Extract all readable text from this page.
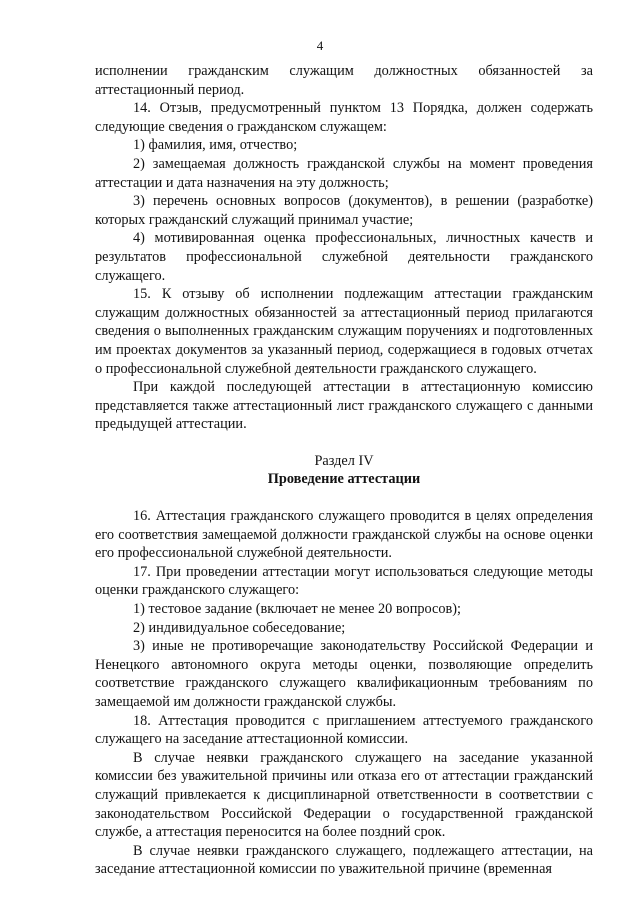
4

исполнении гражданским служащим должностных обязанностей за аттестационный период.

14. Отзыв, предусмотренный пунктом 13 Порядка, должен содержать следующие сведения о гражданском служащем:

1) фамилия, имя, отчество;

2) замещаемая должность гражданской службы на момент проведения аттестации и дата назначения на эту должность;

3) перечень основных вопросов (документов), в решении (разработке) которых гражданский служащий принимал участие;

4) мотивированная оценка профессиональных, личностных качеств и результатов профессиональной служебной деятельности гражданского служащего.

15. К отзыву об исполнении подлежащим аттестации гражданским служащим должностных обязанностей за аттестационный период прилагаются сведения о выполненных гражданским служащим поручениях и подготовленных им проектах документов за указанный период, содержащиеся в годовых отчетах о профессиональной служебной деятельности гражданского служащего.

При каждой последующей аттестации в аттестационную комиссию представляется также аттестационный лист гражданского служащего с данными предыдущей аттестации.

Раздел IV
Проведение аттестации

16. Аттестация гражданского служащего проводится в целях определения его соответствия замещаемой должности гражданской службы на основе оценки его профессиональной служебной деятельности.

17. При проведении аттестации могут использоваться следующие методы оценки гражданского служащего:

1) тестовое задание (включает не менее 20 вопросов);

2) индивидуальное собеседование;

3) иные не противоречащие законодательству Российской Федерации и Ненецкого автономного округа методы оценки, позволяющие определить соответствие гражданского служащего квалификационным требованиям по замещаемой им должности гражданской службы.

18. Аттестация проводится с приглашением аттестуемого гражданского служащего на заседание аттестационной комиссии.

В случае неявки гражданского служащего на заседание указанной комиссии без уважительной причины или отказа его от аттестации гражданский служащий привлекается к дисциплинарной ответственности в соответствии с законодательством Российской Федерации о государственной гражданской службе, а аттестация переносится на более поздний срок.

В случае неявки гражданского служащего, подлежащего аттестации, на заседание аттестационной комиссии по уважительной причине (временная
